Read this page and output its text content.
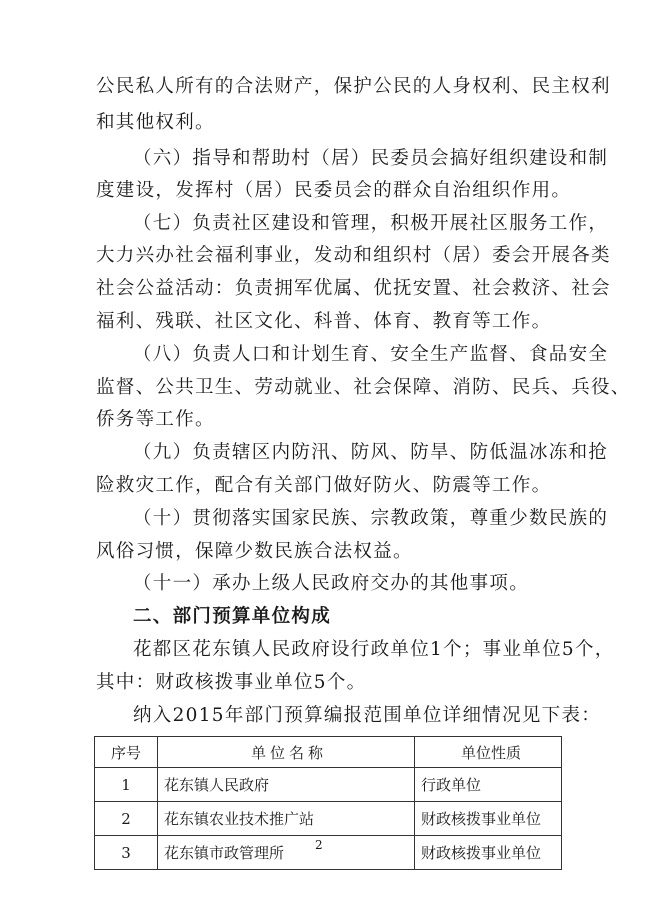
公民私人所有的合法财产，保护公民的人身权利、民主权利
和其他权利。
（六）指导和帮助村（居）民委员会搞好组织建设和制
度建设，发挥村（居）民委员会的群众自治组织作用。
（七）负责社区建设和管理，积极开展社区服务工作，
大力兴办社会福利事业，发动和组织村（居）委会开展各类
社会公益活动：负责拥军优属、优抚安置、社会救济、社会
福利、残联、社区文化、科普、体育、教育等工作。
（八）负责人口和计划生育、安全生产监督、食品安全
监督、公共卫生、劳动就业、社会保障、消防、民兵、兵役、
侨务等工作。
（九）负责辖区内防汛、防风、防旱、防低温冰冻和抢
险救灾工作，配合有关部门做好防火、防震等工作。
（十）贯彻落实国家民族、宗教政策，尊重少数民族的
风俗习惯，保障少数民族合法权益。
（十一）承办上级人民政府交办的其他事项。
二、部门预算单位构成
花都区花东镇人民政府设行政单位1个；事业单位5个，
其中：财政核拨事业单位5个。
纳入2015年部门预算编报范围单位详细情况见下表：
序号	单位名称	单位性质
1	花东镇人民政府	行政单位
2	花东镇农业技术推广站	财政核拨事业单位
3	花东镇市政管理所	财政核拨事业单位
2
